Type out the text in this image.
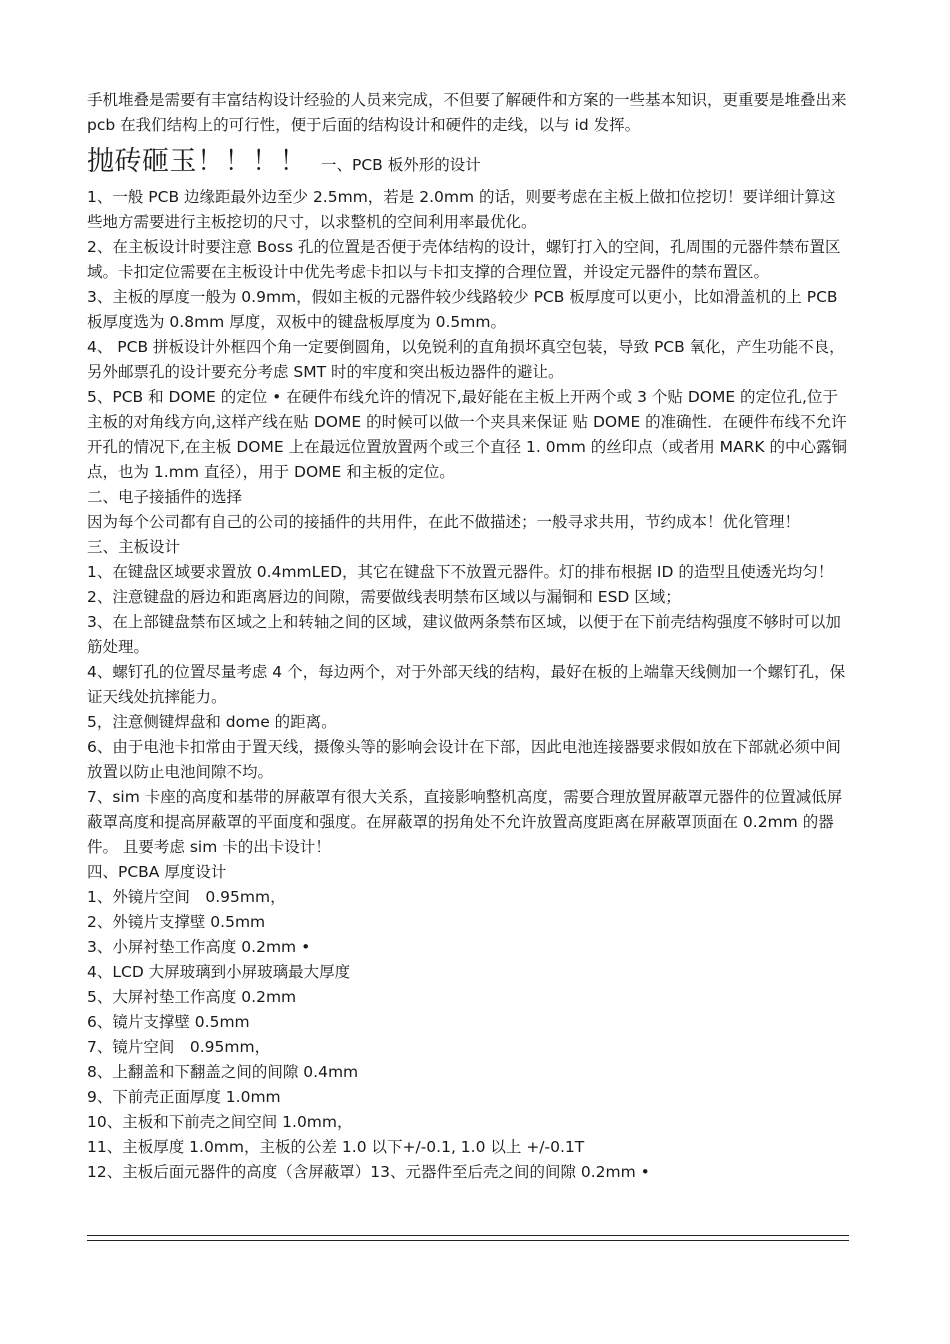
手机堆叠是需要有丰富结构设计经验的人员来完成，不但要了解硬件和方案的一些基本知识，更重要是堆叠出来 pcb 在我们结构上的可行性，便于后面的结构设计和硬件的走线，以与 id 发挥。

抛砖砸玉！！！！ 一、PCB 板外形的设计

1、一般 PCB 边缘距最外边至少 2.5mm，若是 2.0mm 的话，则要考虑在主板上做扣位挖切！要详细计算这些地方需要进行主板挖切的尺寸，以求整机的空间利用率最优化。

2、在主板设计时要注意 Boss 孔的位置是否便于壳体结构的设计，螺钉打入的空间，孔周围的元器件禁布置区域。卡扣定位需要在主板设计中优先考虑卡扣以与卡扣支撑的合理位置，并设定元器件的禁布置区。

3、主板的厚度一般为 0.9mm，假如主板的元器件较少线路较少 PCB 板厚度可以更小，比如滑盖机的上 PCB 板厚度选为 0.8mm 厚度，双板中的键盘板厚度为 0.5mm。

4、 PCB 拼板设计外框四个角一定要倒圆角，以免锐利的直角损坏真空包装，导致 PCB 氧化，产生功能不良，另外邮票孔的设计要充分考虑 SMT 时的牢度和突出板边器件的避让。

5、PCB 和 DOME 的定位 • 在硬件布线允许的情况下,最好能在主板上开两个或 3 个贴 DOME 的定位孔,位于主板的对角线方向,这样产线在贴 DOME 的时候可以做一个夹具来保证 贴 DOME 的准确性．在硬件布线不允许开孔的情况下,在主板 DOME 上在最远位置放置两个或三个直径 1. 0mm 的丝印点（或者用 MARK 的中心露铜点，也为 1.mm 直径），用于 DOME 和主板的定位。

二、电子接插件的选择

因为每个公司都有自己的公司的接插件的共用件，在此不做描述；一般寻求共用，节约成本！优化管理！

三、主板设计

1、在键盘区域要求置放 0.4mmLED，其它在键盘下不放置元器件。灯的排布根据 ID 的造型且使透光均匀！

2、注意键盘的唇边和距离唇边的间隙，需要做线表明禁布区域以与漏铜和 ESD 区域；

3、在上部键盘禁布区域之上和转轴之间的区域，建议做两条禁布区域，以便于在下前壳结构强度不够时可以加筋处理。

4、螺钉孔的位置尽量考虑 4 个，每边两个，对于外部天线的结构，最好在板的上端靠天线侧加一个螺钉孔，保证天线处抗摔能力。

5，注意侧键焊盘和 dome 的距离。

6、由于电池卡扣常由于置天线，摄像头等的影响会设计在下部，因此电池连接器要求假如放在下部就必须中间放置以防止电池间隙不均。

7、sim 卡座的高度和基带的屏蔽罩有很大关系，直接影响整机高度，需要合理放置屏蔽罩元器件的位置减低屏蔽罩高度和提高屏蔽罩的平面度和强度。在屏蔽罩的拐角处不允许放置高度距离在屏蔽罩顶面在 0.2mm 的器件。 且要考虑 sim 卡的出卡设计！

四、PCBA 厚度设计

1、外镜片空间　0.95mm，

2、外镜片支撑壁 0.5mm

3、小屏衬垫工作高度 0.2mm •

4、LCD 大屏玻璃到小屏玻璃最大厚度

5、大屏衬垫工作高度 0.2mm

6、镜片支撑壁 0.5mm

7、镜片空间　0.95mm，

8、上翻盖和下翻盖之间的间隙 0.4mm

9、下前壳正面厚度 1.0mm

10、主板和下前壳之间空间 1.0mm，

11、主板厚度 1.0mm，主板的公差 1.0 以下+/-0.1, 1.0 以上 +/-0.1T

12、主板后面元器件的高度（含屏蔽罩）13、元器件至后壳之间的间隙 0.2mm •
